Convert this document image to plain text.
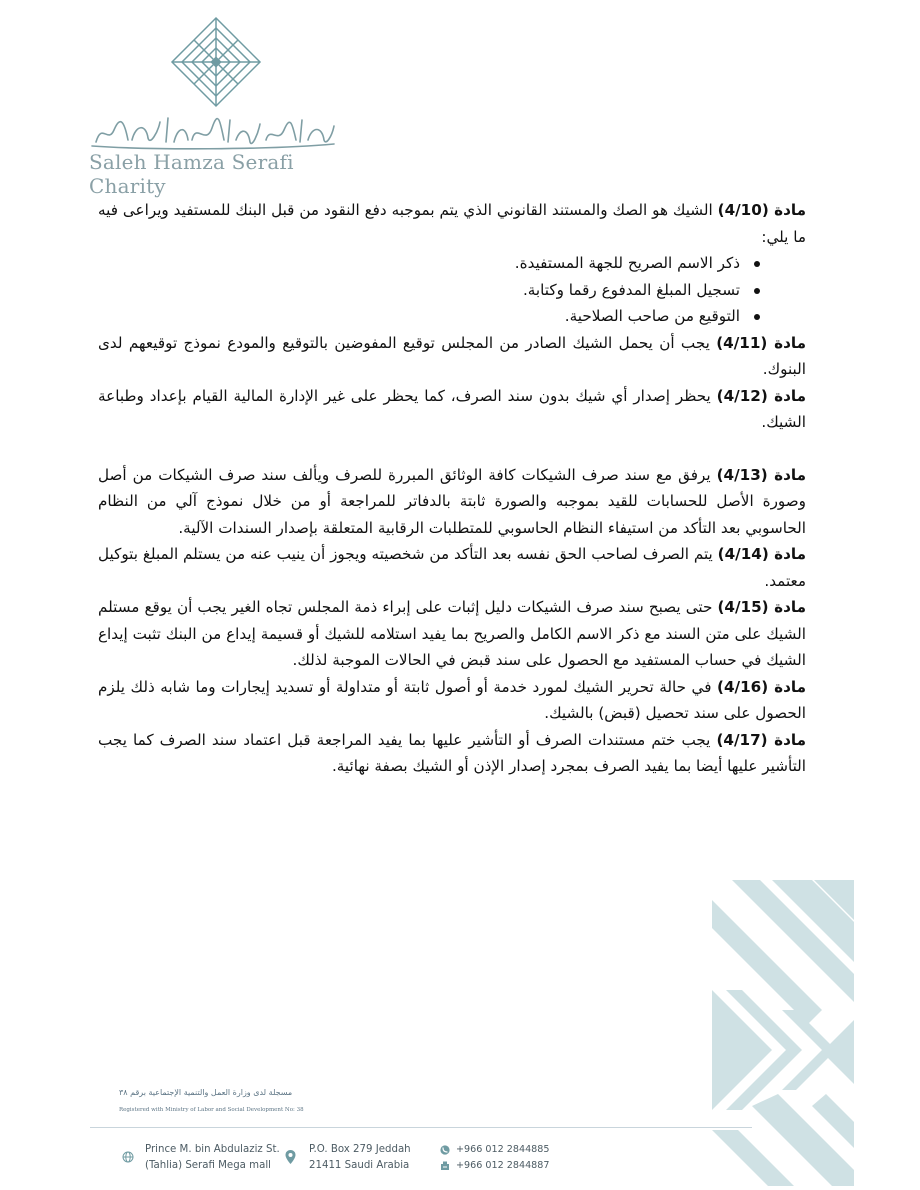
Saleh Hamza Serafi Charity

مادة (4/10) الشيك هو الصك والمستند القانوني الذي يتم بموجبه دفع النقود من قبل البنك للمستفيد ويراعى فيه ما يلي:

ذكر الاسم الصريح للجهة المستفيدة.
تسجيل المبلغ المدفوع رقما وكتابة.
التوقيع من صاحب الصلاحية.

مادة (4/11) يجب أن يحمل الشيك الصادر من المجلس توقيع المفوضين بالتوقيع والمودع نموذج توقيعهم لدى البنوك.

مادة (4/12) يحظر إصدار أي شيك بدون سند الصرف، كما يحظر على غير الإدارة المالية القيام بإعداد وطباعة الشيك.

مادة (4/13) يرفق مع سند صرف الشيكات كافة الوثائق المبررة للصرف ويألف سند صرف الشيكات من أصل وصورة الأصل للحسابات للقيد بموجبه والصورة ثابتة بالدفاتر للمراجعة أو من خلال نموذج آلي من النظام الحاسوبي بعد التأكد من استيفاء النظام الحاسوبي للمتطلبات الرقابية المتعلقة بإصدار السندات الآلية.

مادة (4/14) يتم الصرف لصاحب الحق نفسه بعد التأكد من شخصيته ويجوز أن ينيب عنه من يستلم المبلغ بتوكيل معتمد.

مادة (4/15) حتى يصبح سند صرف الشيكات دليل إثبات على إبراء ذمة المجلس تجاه الغير يجب أن يوقع مستلم الشيك على متن السند مع ذكر الاسم الكامل والصريح بما يفيد استلامه للشيك أو قسيمة إيداع من البنك تثبت إيداع الشيك في حساب المستفيد مع الحصول على سند قبض في الحالات الموجبة لذلك.

مادة (4/16) في حالة تحرير الشيك لمورد خدمة أو أصول ثابتة أو متداولة أو تسديد إيجارات وما شابه ذلك يلزم الحصول على سند تحصيل (قبض) بالشيك.

مادة (4/17) يجب ختم مستندات الصرف أو التأشير عليها بما يفيد المراجعة قبل اعتماد سند الصرف كما يجب التأشير عليها أيضا بما يفيد الصرف بمجرد إصدار الإذن أو الشيك بصفة نهائية.

مسجلة لدى وزارة العمل والتنمية الإجتماعية برقم ٣٨
Registered with Ministry of Labor and Social Development No: 38
Prince M. bin Abdulaziz St.
(Tahlia) Serafi Mega mall
P.O. Box 279 Jeddah
21411 Saudi Arabia
+966 012 2844885
+966 012 2844887
